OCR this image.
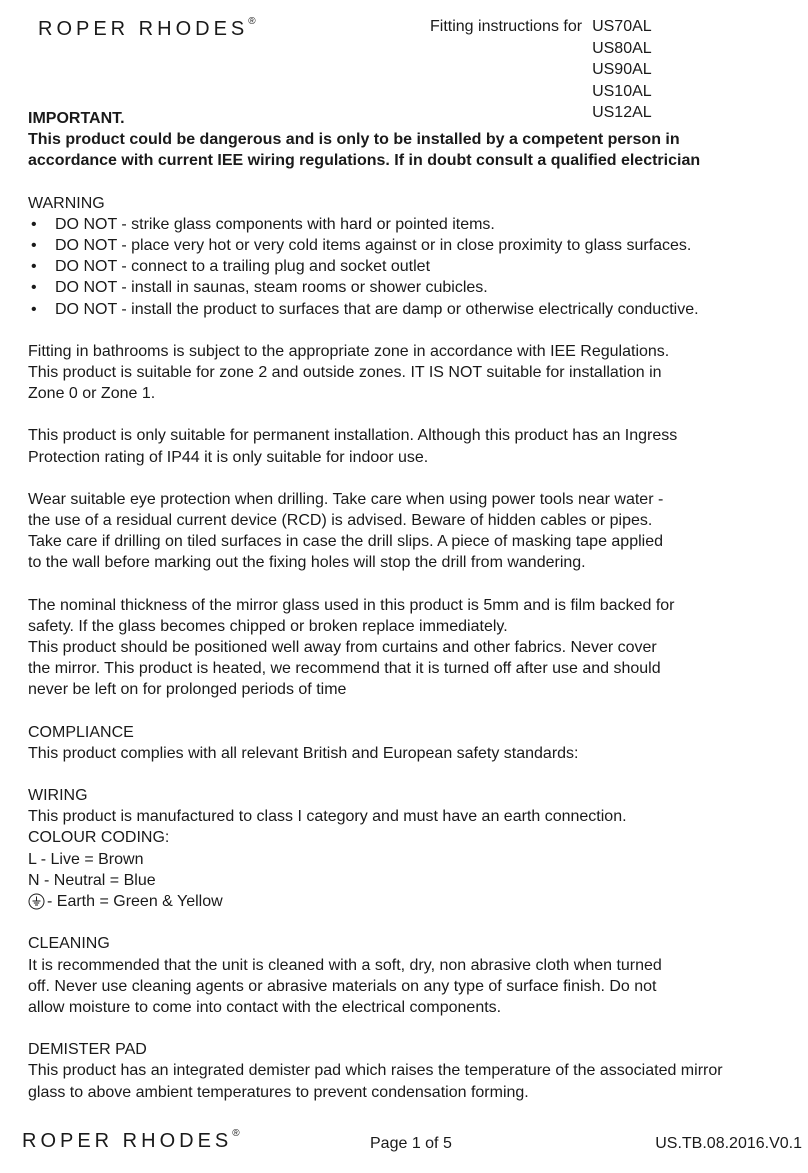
ROPER RHODES®	Fitting instructions for US70AL
US80AL
US90AL
US10AL
US12AL

IMPORTANT.

This product could be dangerous and is only to be installed by a competent person in

accordance with current IEE wiring regulations. If in doubt consult a qualified electrician

WARNING

• DO NOT - strike glass components with hard or pointed items.
• DO NOT - place very hot or very cold items against or in close proximity to glass surfaces.
• DO NOT - connect to a trailing plug and socket outlet
• DO NOT - install in saunas, steam rooms or shower cubicles.
• DO NOT - install the product to surfaces that are damp or otherwise electrically conductive.

Fitting in bathrooms is subject to the appropriate zone in accordance with IEE Regulations.

This product is suitable for zone 2 and outside zones. IT IS NOT suitable for installation in

Zone 0 or Zone 1.

This product is only suitable for permanent installation. Although this product has an Ingress

Protection rating of IP44 it is only suitable for indoor use.

Wear suitable eye protection when drilling. Take care when using power tools near water -

the use of a residual current device (RCD) is advised. Beware of hidden cables or pipes.

Take care if drilling on tiled surfaces in case the drill slips. A piece of masking tape applied

to the wall before marking out the fixing holes will stop the drill from wandering.

The nominal thickness of the mirror glass used in this product is 5mm and is film backed for

safety. If the glass becomes chipped or broken replace immediately.

This product should be positioned well away from curtains and other fabrics. Never cover

the mirror. This product is heated, we recommend that it is turned off after use and should

never be left on for prolonged periods of time

COMPLIANCE

This product complies with all relevant British and European safety standards:

WIRING

This product is manufactured to class I category and must have an earth connection.

COLOUR CODING:

L - Live = Brown

N - Neutral = Blue

- Earth = Green & Yellow

CLEANING

It is recommended that the unit is cleaned with a soft, dry, non abrasive cloth when turned

off. Never use cleaning agents or abrasive materials on any type of surface finish. Do not

allow moisture to come into contact with the electrical components.

DEMISTER PAD

This product has an integrated demister pad which raises the temperature of the associated mirror

glass to above ambient temperatures to prevent condensation forming.

ROPER RHODES®
Page 1 of 5	US.TB.08.2016.V0.1
